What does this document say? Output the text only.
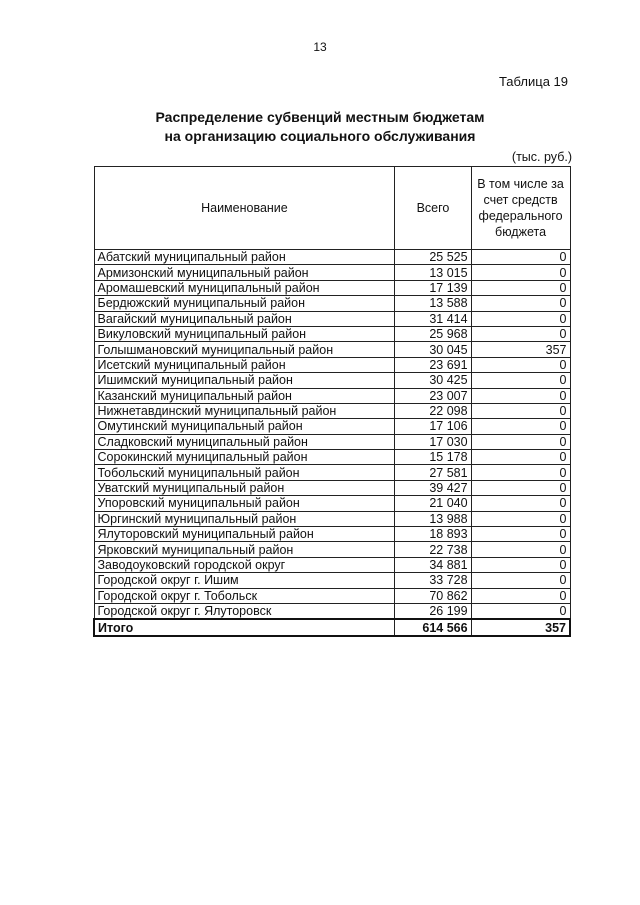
13
Таблица 19
Распределение субвенций местным бюджетам
на организацию социального обслуживания
(тыс. руб.)
Наименование	Всего	В том числе за счет средств федерального бюджета
Абатский муниципальный район	25 525	0
Армизонский муниципальный район	13 015	0
Аромашевский муниципальный район	17 139	0
Бердюжский муниципальный район	13 588	0
Вагайский муниципальный район	31 414	0
Викуловский муниципальный район	25 968	0
Голышмановский муниципальный район	30 045	357
Исетский муниципальный район	23 691	0
Ишимский муниципальный район	30 425	0
Казанский муниципальный район	23 007	0
Нижнетавдинский муниципальный район	22 098	0
Омутинский муниципальный район	17 106	0
Сладковский муниципальный район	17 030	0
Сорокинский муниципальный район	15 178	0
Тобольский муниципальный район	27 581	0
Уватский муниципальный район	39 427	0
Упоровский муниципальный район	21 040	0
Юргинский муниципальный район	13 988	0
Ялуторовский муниципальный район	18 893	0
Ярковский муниципальный район	22 738	0
Заводоуковский городской округ	34 881	0
Городской округ г. Ишим	33 728	0
Городской округ г. Тобольск	70 862	0
Городской округ г. Ялуторовск	26 199	0
Итого	614 566	357
